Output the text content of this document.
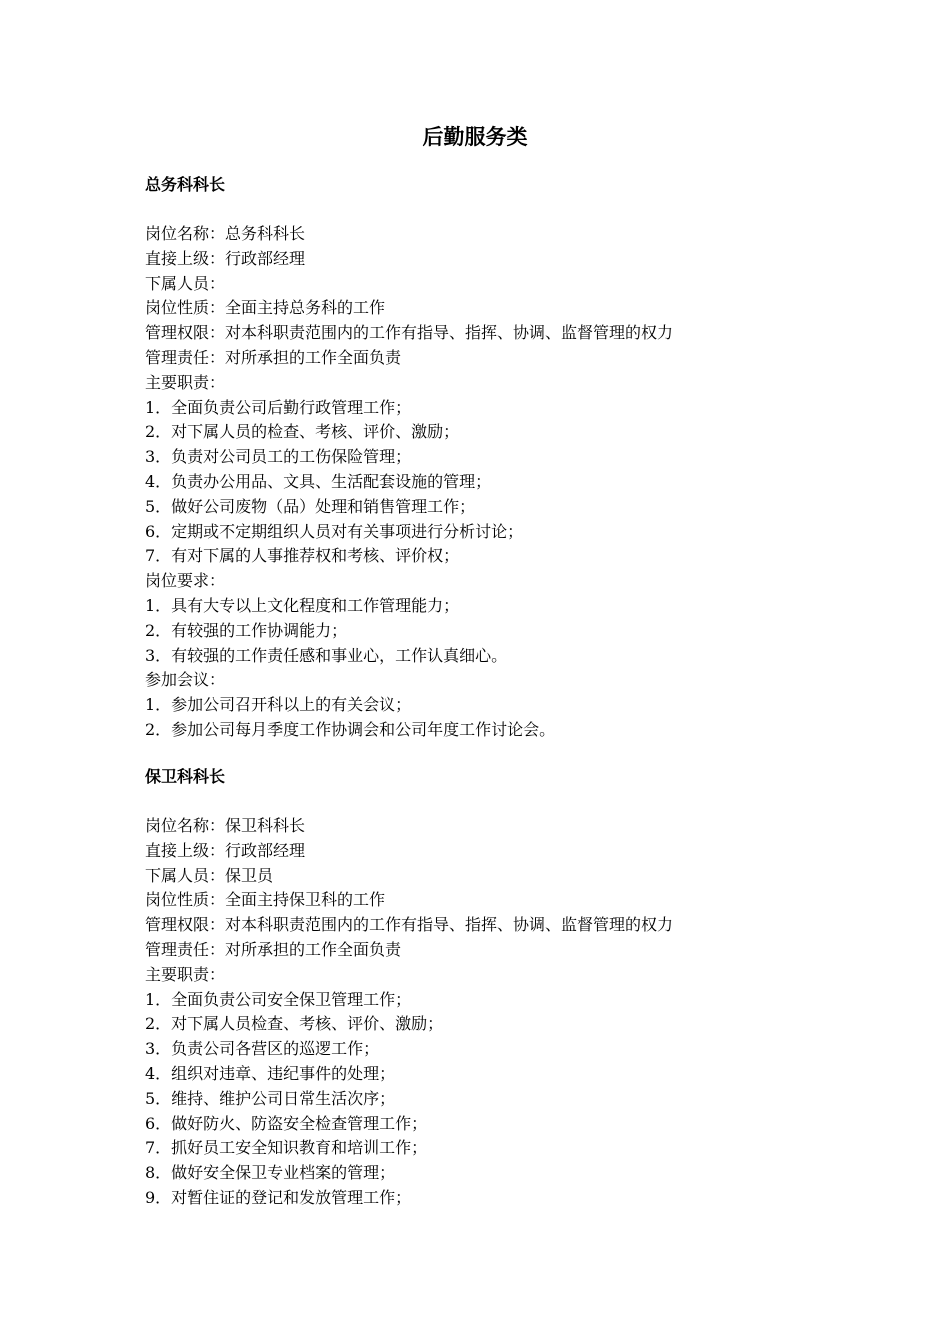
后勤服务类
总务科科长
岗位名称：总务科科长
直接上级：行政部经理
下属人员：
岗位性质：全面主持总务科的工作
管理权限：对本科职责范围内的工作有指导、指挥、协调、监督管理的权力
管理责任：对所承担的工作全面负责
主要职责：
1．全面负责公司后勤行政管理工作；
2．对下属人员的检查、考核、评价、激励；
3．负责对公司员工的工伤保险管理；
4．负责办公用品、文具、生活配套设施的管理；
5．做好公司废物（品）处理和销售管理工作；
6．定期或不定期组织人员对有关事项进行分析讨论；
7．有对下属的人事推荐权和考核、评价权；
岗位要求：
1．具有大专以上文化程度和工作管理能力；
2．有较强的工作协调能力；
3．有较强的工作责任感和事业心，工作认真细心。
参加会议：
1．参加公司召开科以上的有关会议；
2．参加公司每月季度工作协调会和公司年度工作讨论会。
保卫科科长
岗位名称：保卫科科长
直接上级：行政部经理
下属人员：保卫员
岗位性质：全面主持保卫科的工作
管理权限：对本科职责范围内的工作有指导、指挥、协调、监督管理的权力
管理责任：对所承担的工作全面负责
主要职责：
1．全面负责公司安全保卫管理工作；
2．对下属人员检查、考核、评价、激励；
3．负责公司各营区的巡逻工作；
4．组织对违章、违纪事件的处理；
5．维持、维护公司日常生活次序；
6．做好防火、防盗安全检查管理工作；
7．抓好员工安全知识教育和培训工作；
8．做好安全保卫专业档案的管理；
9．对暂住证的登记和发放管理工作；
